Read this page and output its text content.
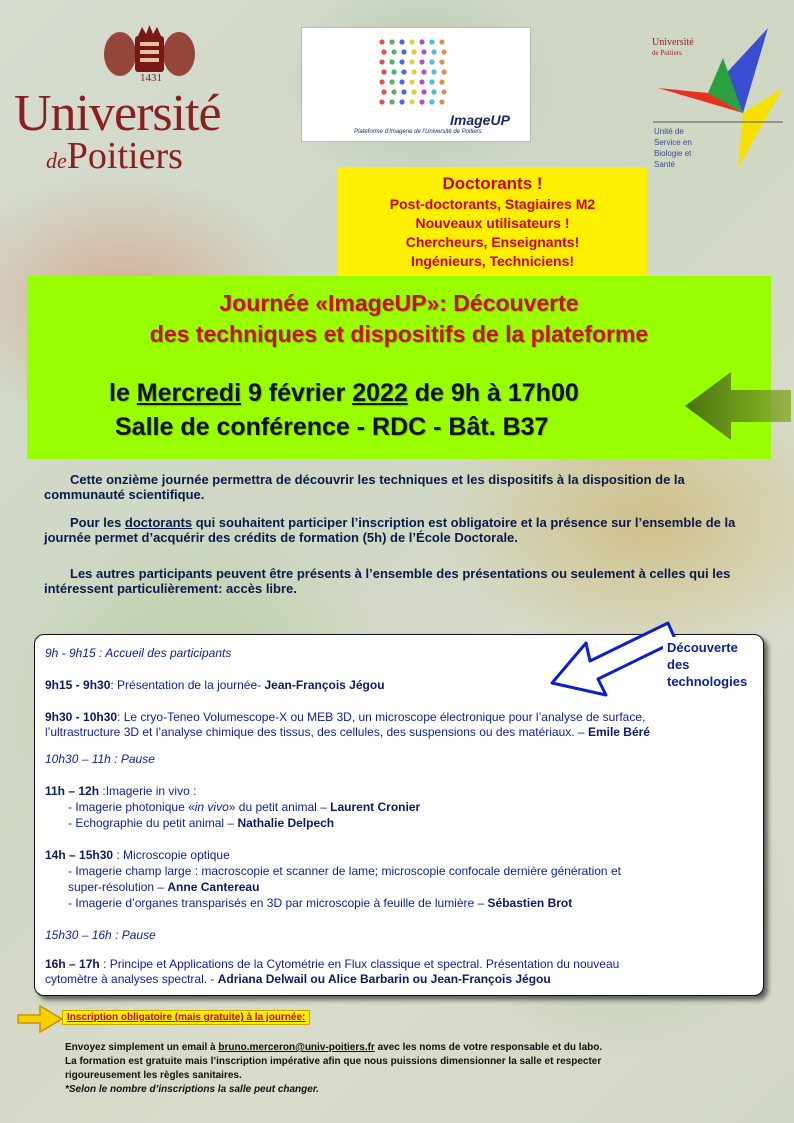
1431
Université
dePoitiers
ImageUP
Plateforme d'Imagerie de l'Université de Poitiers
Université
de Poitiers
Unité de
Service en
Biologie et
Santé
Doctorants !
Post-doctorants, Stagiaires M2
Nouveaux utilisateurs !
Chercheurs, Enseignants!
Ingénieurs, Techniciens!
Journée «ImageUP»: Découverte
des techniques et dispositifs de la plateforme
le Mercredi 9 février 2022 de 9h à 17h00
Salle de conférence - RDC - Bât. B37
Cette onzième journée permettra de découvrir les techniques et les dispositifs à la disposition de la communauté scientifique.
Pour les doctorants qui souhaitent participer l’inscription est obligatoire et la présence sur l’ensemble de la journée permet d’acquérir des crédits de formation (5h) de l’École Doctorale.
Les autres participants peuvent être présents à l’ensemble des présentations ou seulement à celles qui les intéressent particulièrement: accès libre.
Découverte
des
technologies
9h - 9h15 : Accueil des participants
9h15 - 9h30: Présentation de la journée- Jean-François Jégou
9h30 - 10h30: Le cryo-Teneo Volumescope-X ou MEB 3D, un microscope électronique pour l’analyse de surface,
l’ultrastructure 3D et l’analyse chimique des tissus, des cellules, des suspensions ou des matériaux. – Emile Béré
10h30 – 11h : Pause
11h – 12h :Imagerie in vivo :
- Imagerie photonique «in vivo» du petit animal – Laurent Cronier
- Echographie du petit animal – Nathalie Delpech
14h – 15h30 : Microscopie optique
- Imagerie champ large : macroscopie et scanner de lame; microscopie confocale dernière génération et
super-résolution – Anne Cantereau
- Imagerie d’organes transparisés en 3D par microscopie à feuille de lumière – Sébastien Brot
15h30 – 16h : Pause
16h – 17h : Principe et Applications de la Cytométrie en Flux classique et spectral. Présentation du nouveau
cytomètre à analyses spectral. - Adriana Delwail ou Alice Barbarin ou Jean-François Jégou
Inscription obligatoire (mais gratuite) à la journée:
Envoyez simplement un email à bruno.merceron@univ-poitiers.fr avec les noms de votre responsable et du labo.
La formation est gratuite mais l’inscription impérative afin que nous puissions dimensionner la salle et respecter
rigoureusement les règles sanitaires.
*Selon le nombre d’inscriptions la salle peut changer.
